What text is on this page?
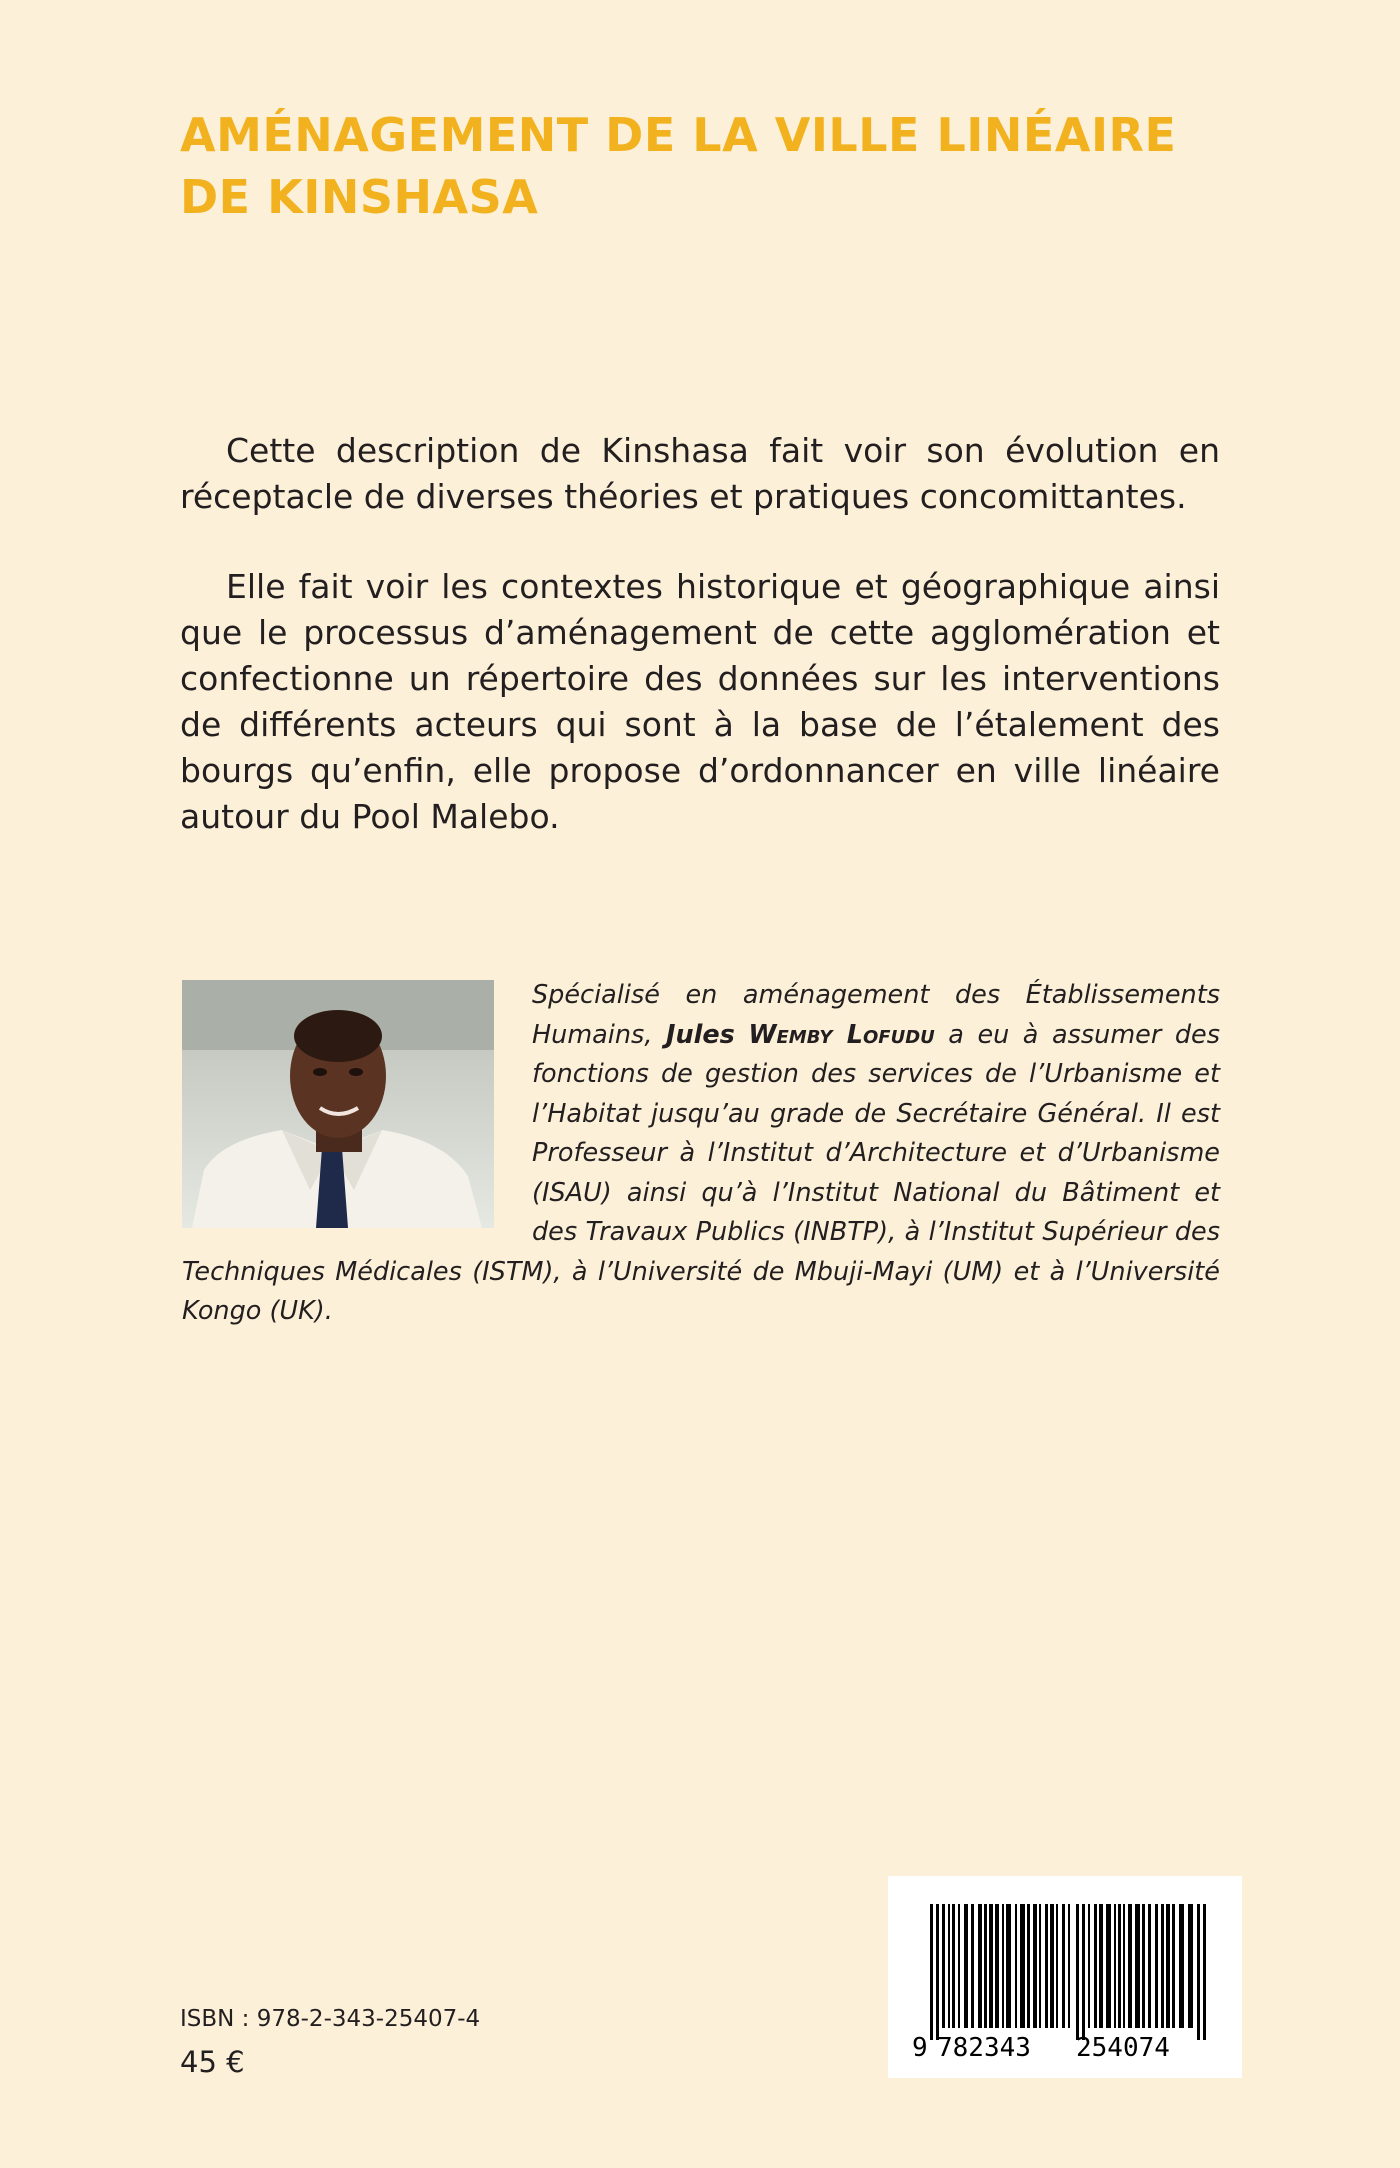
AMÉNAGEMENT DE LA VILLE LINÉAIRE
DE KINSHASA

Cette description de Kinshasa fait voir son évolution en réceptacle de diverses théories et pratiques concomittantes.

Elle fait voir les contextes historique et géographique ainsi que le processus d’aménagement de cette agglomération et confectionne un répertoire des données sur les interventions de différents acteurs qui sont à la base de l’étalement des bourgs qu’enfin, elle propose d’ordonnancer en ville linéaire autour du Pool Malebo.

Spécialisé en aménagement des Établissements Humains, Jules Wemby Lofudu a eu à assumer des fonctions de gestion des services de l’Urbanisme et l’Habitat jusqu’au grade de Secrétaire Général. Il est Professeur à l’Institut d’Architecture et d’Urbanisme (ISAU) ainsi qu’à l’Institut National du Bâtiment et des Travaux Publics (INBTP), à l’Institut Supérieur des Techniques Médicales (ISTM), à l’Université de Mbuji-Mayi (UM) et à l’Université Kongo (UK).
ISBN : 978-2-343-25407-4
45 €	9 782343 254074
